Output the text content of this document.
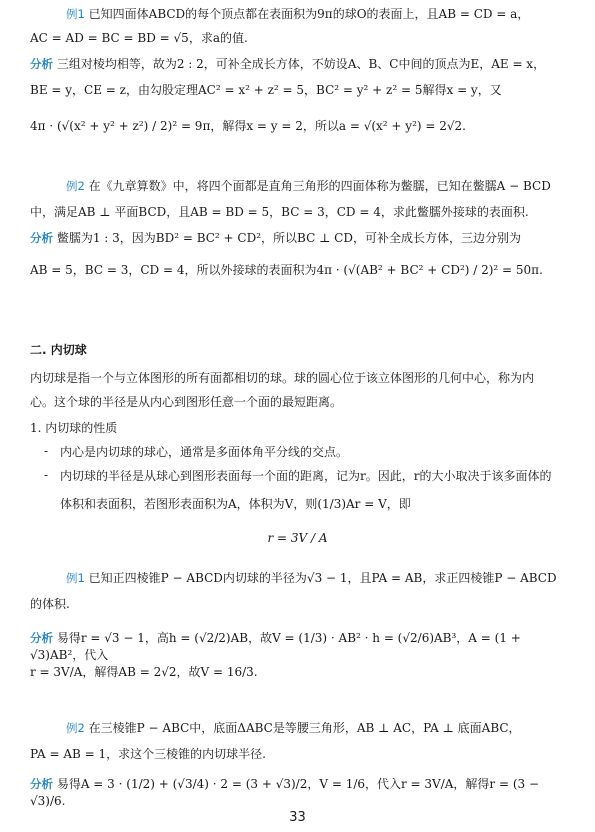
例1 已知四面体ABCD的每个顶点都在表面积为9π的球O的表面上，且AB = CD = a，
AC = AD = BC = BD = √5，求a的值.
分析 三组对棱均相等，故为2 : 2，可补全成长方体，不妨设A、B、C中间的顶点为E，AE = x，
BE = y，CE = z，由勾股定理AC² = x² + z² = 5，BC² = y² + z² = 5解得x = y，又
4π · (√(x² + y² + z²) / 2)² = 9π，解得x = y = 2，所以a = √(x² + y²) = 2√2.
例2 在《九章算数》中，将四个面都是直角三角形的四面体称为鳖臑，已知在鳖臑A − BCD
中，满足AB ⊥ 平面BCD，且AB = BD = 5，BC = 3，CD = 4，求此鳖臑外接球的表面积.
分析 鳖臑为1 : 3，因为BD² = BC² + CD²，所以BC ⊥ CD，可补全成长方体，三边分别为
AB = 5，BC = 3，CD = 4，所以外接球的表面积为4π · (√(AB² + BC² + CD²) / 2)² = 50π.
二. 内切球
内切球是指一个与立体图形的所有面都相切的球。球的圆心位于该立体图形的几何中心，称为内
心。这个球的半径是从内心到图形任意一个面的最短距离。
1. 内切球的性质
- 内心是内切球的球心，通常是多面体角平分线的交点。
- 内切球的半径是从球心到图形表面每一个面的距离，记为r。因此，r的大小取决于该多面体的
体积和表面积，若图形表面积为A，体积为V，则(1/3)Ar = V，即
r = 3V / A
例1 已知正四棱锥P − ABCD内切球的半径为√3 − 1，且PA = AB，求正四棱锥P − ABCD
的体积.
分析 易得r = √3 − 1，高h = (√2/2)AB，故V = (1/3) · AB² · h = (√2/6)AB³，A = (1 + √3)AB²，代入
r = 3V/A，解得AB = 2√2，故V = 16/3.
例2 在三棱锥P − ABC中，底面ΔABC是等腰三角形，AB ⊥ AC，PA ⊥ 底面ABC，
PA = AB = 1，求这个三棱锥的内切球半径.
分析 易得A = 3 · (1/2) + (√3/4) · 2 = (3 + √3)/2，V = 1/6，代入r = 3V/A，解得r = (3 − √3)/6.
33
